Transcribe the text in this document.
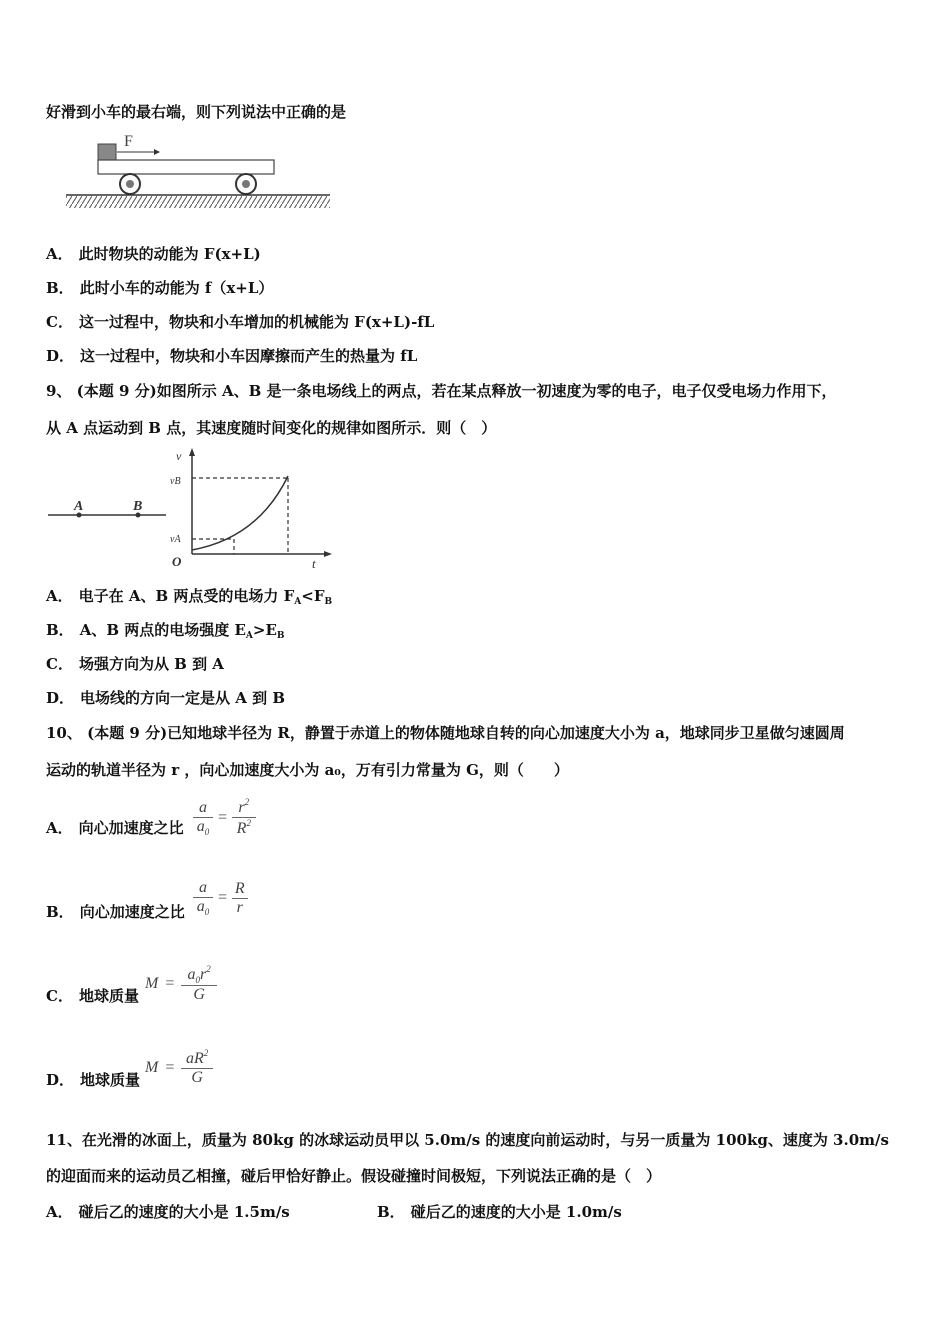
好滑到小车的最右端，则下列说法中正确的是
F
A． 此时物块的动能为 F(x+L)
B． 此时小车的动能为 f（x+L）
C． 这一过程中，物块和小车增加的机械能为 F(x+L)-fL
D． 这一过程中，物块和小车因摩擦而产生的热量为 fL
9、 (本题 9 分)如图所示 A、B 是一条电场线上的两点，若在某点释放一初速度为零的电子，电子仅受电场力作用下，
从 A 点运动到 B 点，其速度随时间变化的规律如图所示．则（　）
A	B
v
vB
vA
O	t
A． 电子在 A、B 两点受的电场力 $F_A<F_B$
B． A、B 两点的电场强度 $E_A>E_B$
C． 场强方向为从 B 到 A
D． 电场线的方向一定是从 A 到 B
10、 (本题 9 分)已知地球半径为 R，静置于赤道上的物体随地球自转的向心加速度大小为 a，地球同步卫星做匀速圆周
运动的轨道半径为 r ，向心加速度大小为 a₀，万有引力常量为 G，则（　　）
A． 向心加速度之比 $\frac{a}{a_0} = \frac{r^2}{R^2}$
B． 向心加速度之比 $\frac{a}{a_0} = \frac{R}{r}$
C． 地球质量
$M = \frac{a_0r^2}{G}$
D． 地球质量
$M = \frac{aR^2}{G}$
11、在光滑的冰面上，质量为 80kg 的冰球运动员甲以 5.0m/s 的速度向前运动时，与另一质量为 100kg、速度为 3.0m/s
的迎面而来的运动员乙相撞，碰后甲恰好静止。假设碰撞时间极短，下列说法正确的是（　）
A． 碰后乙的速度的大小是 1.5m/s	B． 碰后乙的速度的大小是 1.0m/s
